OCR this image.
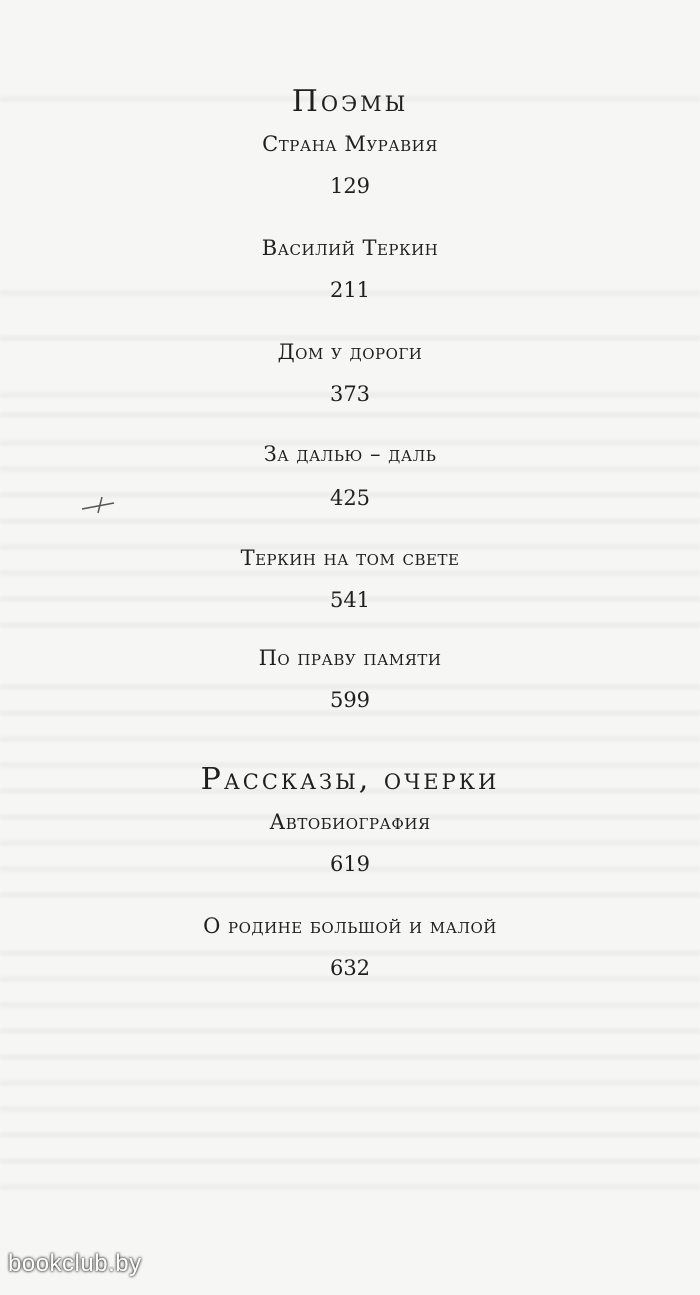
Поэмы
Страна Муравия
129
Василий Теркин
211
Дом у дороги
373
За далью – даль
425
Теркин на том свете
541
По праву памяти
599
Рассказы, очерки
Автобиография
619
О родине большой и малой
632
bookclub.by
